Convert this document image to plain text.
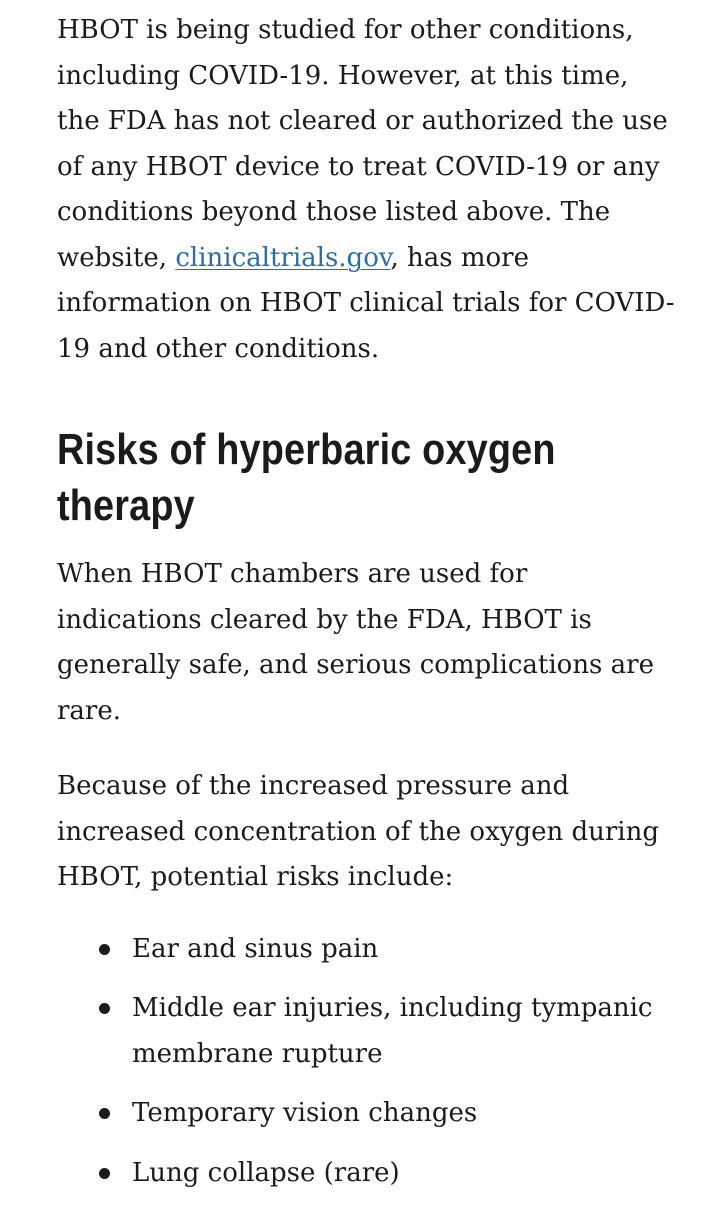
HBOT is being studied for other conditions, including COVID-19. However, at this time, the FDA has not cleared or authorized the use of any HBOT device to treat COVID-19 or any conditions beyond those listed above. The website, clinicaltrials.gov, has more information on HBOT clinical trials for COVID-19 and other conditions.

Risks of hyperbaric oxygen therapy

When HBOT chambers are used for indications cleared by the FDA, HBOT is generally safe, and serious complications are rare.

Because of the increased pressure and increased concentration of the oxygen during HBOT, potential risks include:

Ear and sinus pain
Middle ear injuries, including tympanic membrane rupture
Temporary vision changes
Lung collapse (rare)
